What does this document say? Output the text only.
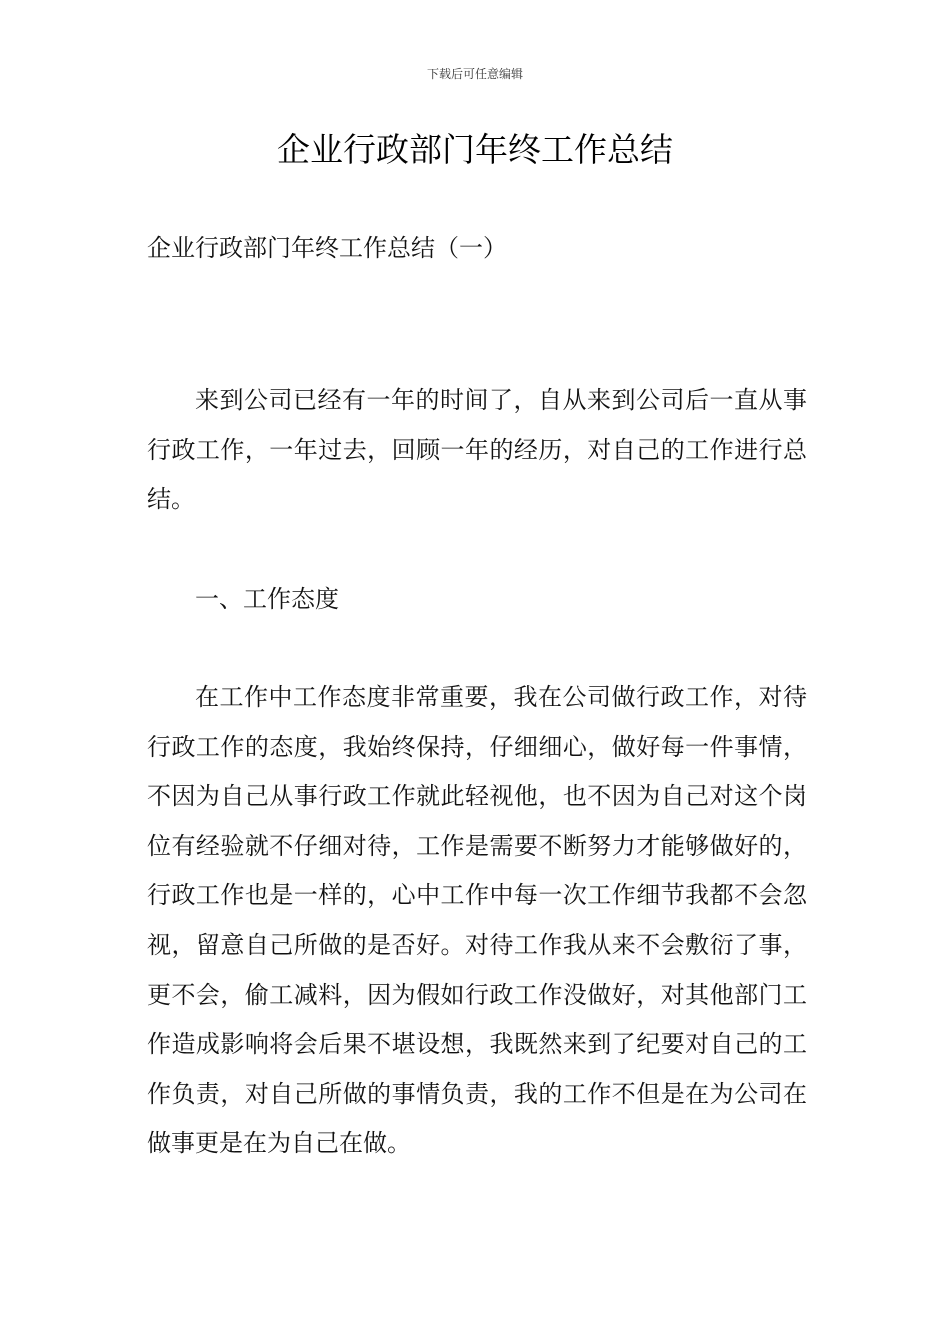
下载后可任意编辑
企业行政部门年终工作总结
企业行政部门年终工作总结（一）

来到公司已经有一年的时间了，自从来到公司后一直从事行政工作，一年过去，回顾一年的经历，对自己的工作进行总结。

一、工作态度

在工作中工作态度非常重要，我在公司做行政工作，对待行政工作的态度，我始终保持，仔细细心，做好每一件事情，不因为自己从事行政工作就此轻视他，也不因为自己对这个岗位有经验就不仔细对待，工作是需要不断努力才能够做好的，行政工作也是一样的，心中工作中每一次工作细节我都不会忽视，留意自己所做的是否好。对待工作我从来不会敷衍了事，更不会，偷工减料，因为假如行政工作没做好，对其他部门工作造成影响将会后果不堪设想，我既然来到了纪要对自己的工作负责，对自己所做的事情负责，我的工作不但是在为公司在做事更是在为自己在做。
